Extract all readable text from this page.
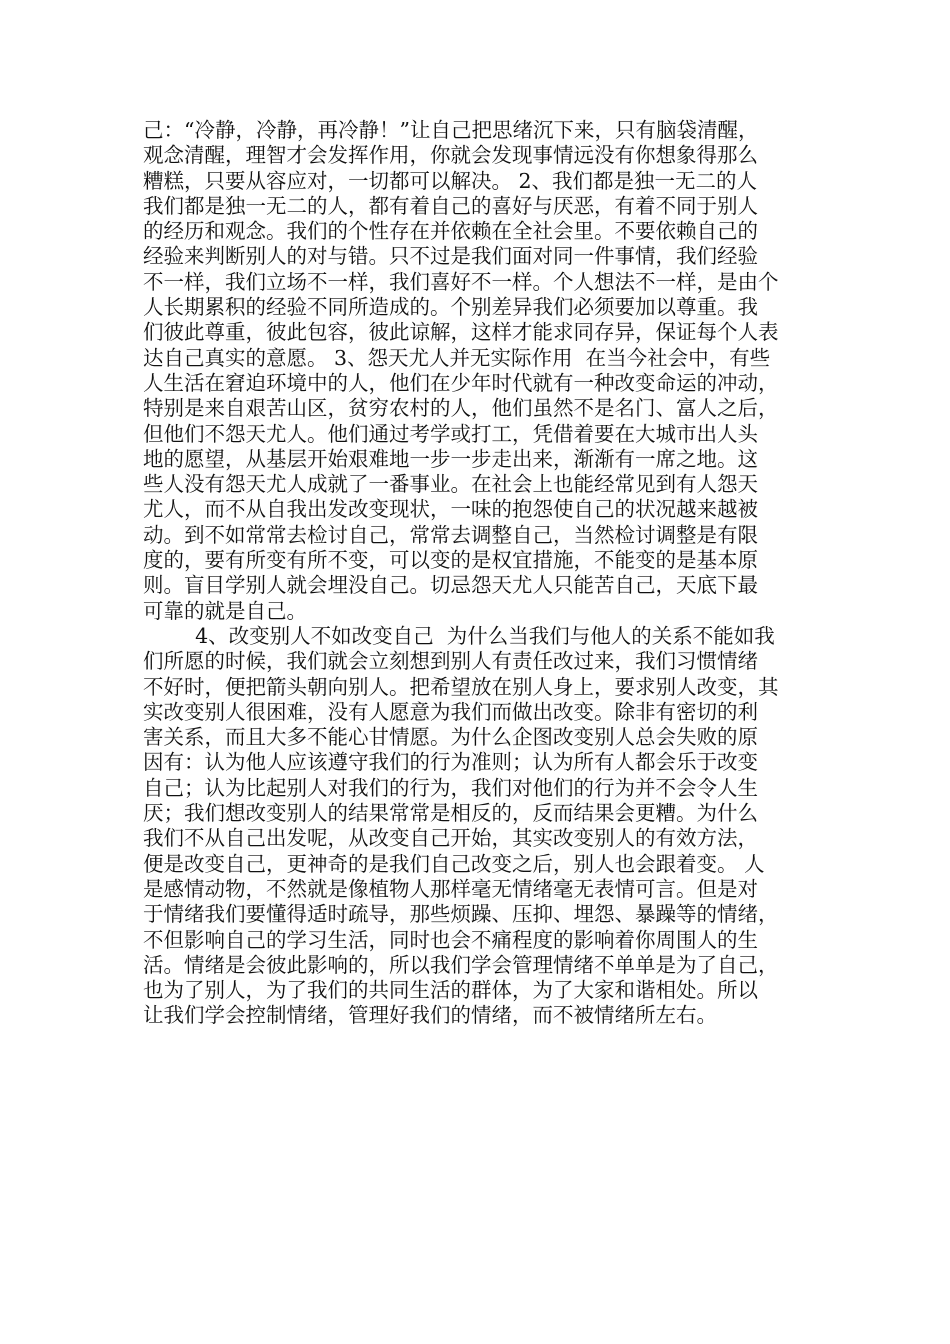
己：“冷静，冷静，再冷静！”让自己把思绪沉下来，只有脑袋清醒，
观念清醒，理智才会发挥作用，你就会发现事情远没有你想象得那么
糟糕，只要从容应对，一切都可以解决。 2、我们都是独一无二的人
我们都是独一无二的人，都有着自己的喜好与厌恶，有着不同于别人
的经历和观念。我们的个性存在并依赖在全社会里。不要依赖自己的
经验来判断别人的对与错。只不过是我们面对同一件事情，我们经验
不一样，我们立场不一样，我们喜好不一样。个人想法不一样，是由个
人长期累积的经验不同所造成的。个别差异我们必须要加以尊重。我
们彼此尊重，彼此包容，彼此谅解，这样才能求同存异，保证每个人表
达自己真实的意愿。 3、怨天尤人并无实际作用  在当今社会中，有些
人生活在窘迫环境中的人，他们在少年时代就有一种改变命运的冲动，
特别是来自艰苦山区，贫穷农村的人，他们虽然不是名门、富人之后，
但他们不怨天尤人。他们通过考学或打工，凭借着要在大城市出人头
地的愿望，从基层开始艰难地一步一步走出来，渐渐有一席之地。这
些人没有怨天尤人成就了一番事业。在社会上也能经常见到有人怨天
尤人，而不从自我出发改变现状，一味的抱怨使自己的状况越来越被
动。到不如常常去检讨自己，常常去调整自己，当然检讨调整是有限
度的，要有所变有所不变，可以变的是权宜措施，不能变的是基本原
则。盲目学别人就会埋没自己。切忌怨天尤人只能苦自己，天底下最
可靠的就是自己。
4、改变别人不如改变自己  为什么当我们与他人的关系不能如我
们所愿的时候，我们就会立刻想到别人有责任改过来，我们习惯情绪
不好时，便把箭头朝向别人。把希望放在别人身上，要求别人改变，其
实改变别人很困难，没有人愿意为我们而做出改变。除非有密切的利
害关系，而且大多不能心甘情愿。为什么企图改变别人总会失败的原
因有：认为他人应该遵守我们的行为准则；认为所有人都会乐于改变
自己；认为比起别人对我们的行为，我们对他们的行为并不会令人生
厌；我们想改变别人的结果常常是相反的，反而结果会更糟。为什么
我们不从自己出发呢，从改变自己开始，其实改变别人的有效方法，
便是改变自己，更神奇的是我们自己改变之后，别人也会跟着变。 人
是感情动物，不然就是像植物人那样毫无情绪毫无表情可言。但是对
于情绪我们要懂得适时疏导，那些烦躁、压抑、埋怨、暴躁等的情绪，
不但影响自己的学习生活，同时也会不痛程度的影响着你周围人的生
活。情绪是会彼此影响的，所以我们学会管理情绪不单单是为了自己，
也为了别人，为了我们的共同生活的群体，为了大家和谐相处。所以
让我们学会控制情绪，管理好我们的情绪，而不被情绪所左右。
